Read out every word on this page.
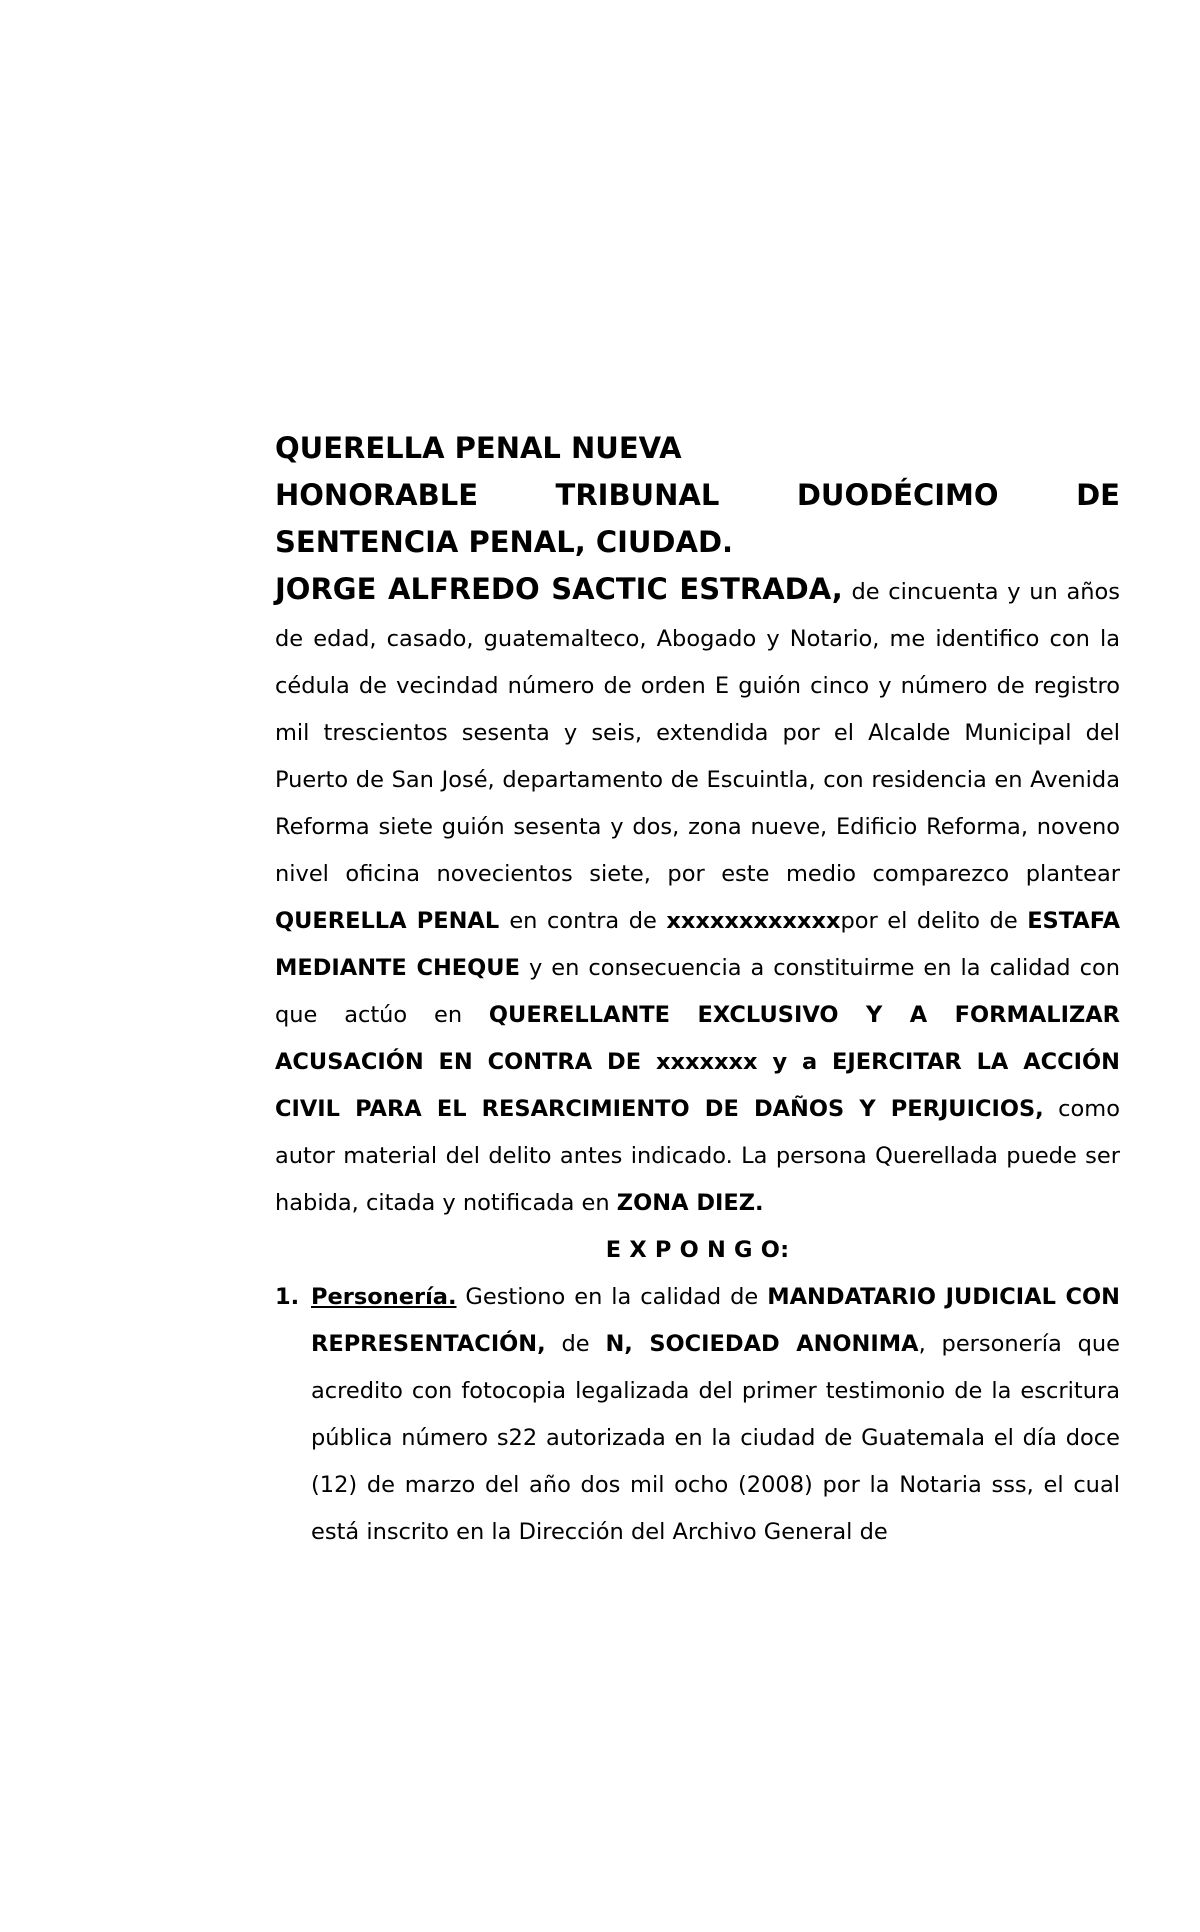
QUERELLA PENAL NUEVA

HONORABLE TRIBUNAL DUODÉCIMO DE

SENTENCIA PENAL, CIUDAD.

JORGE ALFREDO SACTIC ESTRADA, de cincuenta y un años de edad, casado, guatemalteco, Abogado y Notario, me identifico con la cédula de vecindad número de orden E guión cinco y número de registro mil trescientos sesenta y seis, extendida por el Alcalde Municipal del Puerto de San José, departamento de Escuintla, con residencia en Avenida Reforma siete guión sesenta y dos, zona nueve, Edificio Reforma, noveno nivel oficina novecientos siete, por este medio comparezco plantear QUERELLA PENAL en contra de xxxxxxxxxxxxpor el delito de ESTAFA MEDIANTE CHEQUE y en consecuencia a constituirme en la calidad con que actúo en QUERELLANTE EXCLUSIVO Y A FORMALIZAR ACUSACIÓN EN CONTRA DE xxxxxxx y a EJERCITAR LA ACCIÓN CIVIL PARA EL RESARCIMIENTO DE DAÑOS Y PERJUICIOS, como autor material del delito antes indicado. La persona Querellada puede ser habida, citada y notificada en ZONA DIEZ.

E X P O N G O:

1. Personería. Gestiono en la calidad de MANDATARIO JUDICIAL CON REPRESENTACIÓN, de N, SOCIEDAD ANONIMA, personería que acredito con fotocopia legalizada del primer testimonio de la escritura pública número s22 autorizada en la ciudad de Guatemala el día doce (12) de marzo del año dos mil ocho (2008) por la Notaria sss, el cual está inscrito en la Dirección del Archivo General de
